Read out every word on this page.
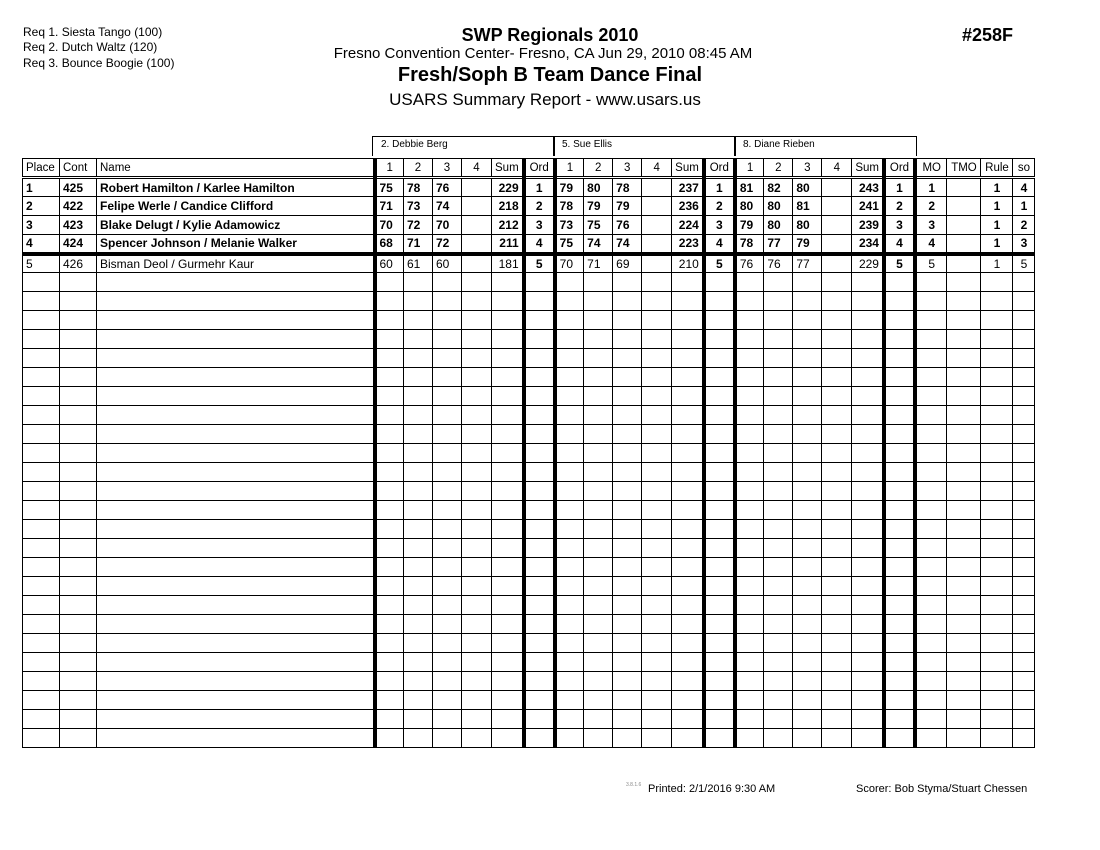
Req 1. Siesta Tango (100)
Req 2. Dutch Waltz (120)
Req 3. Bounce Boogie (100)
SWP Regionals 2010
Fresno Convention Center- Fresno, CA Jun 29, 2010 08:45 AM
Fresh/Soph B Team Dance Final
USARS Summary Report - www.usars.us
#258F
2. Debbie Berg	5. Sue Ellis	8. Diane Rieben
Place	Cont	Name	1	2	3	4	Sum	Ord	1	2	3	4	Sum	Ord	1	2	3	4	Sum	Ord	MO	TMO	Rule	so
1	425	Robert Hamilton / Karlee Hamilton	75	78	76		229	1	79	80	78		237	1	81	82	80		243	1	1		1	4
2	422	Felipe Werle / Candice Clifford	71	73	74		218	2	78	79	79		236	2	80	80	81		241	2	2		1	1
3	423	Blake Delugt / Kylie Adamowicz	70	72	70		212	3	73	75	76		224	3	79	80	80		239	3	3		1	2
4	424	Spencer Johnson / Melanie Walker	68	71	72		211	4	75	74	74		223	4	78	77	79		234	4	4		1	3
5	426	Bisman Deol / Gurmehr Kaur	60	61	60		181	5	70	71	69		210	5	76	76	77		229	5	5		1	5

3.8.1.6 Printed: 2/1/2016 9:30 AM	Scorer: Bob Styma/Stuart Chessen
